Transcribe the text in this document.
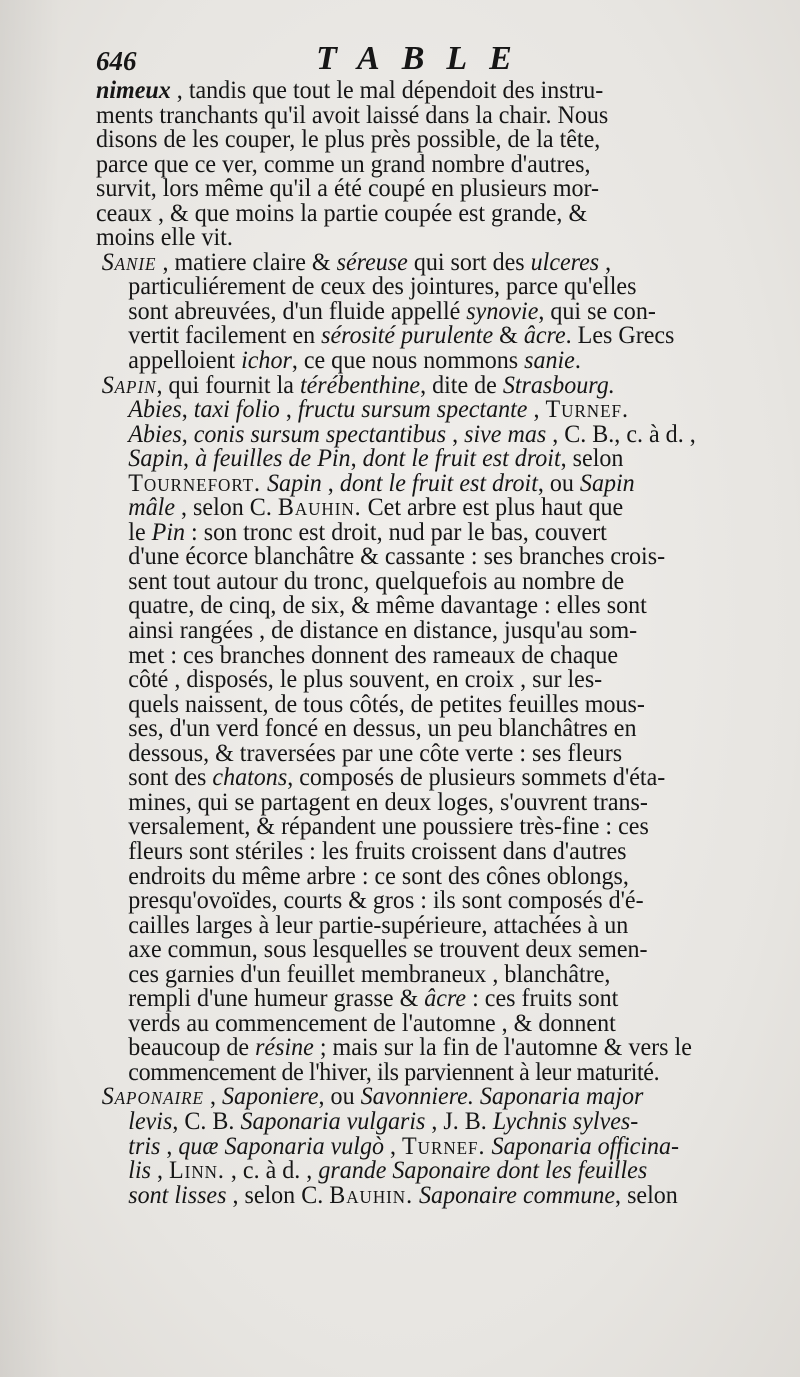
646	TABLE
nimeux , tandis que tout le mal dépendoit des instru-
ments tranchants qu'il avoit laissé dans la chair. Nous
disons de les couper, le plus près possible, de la tête,
parce que ce ver, comme un grand nombre d'autres,
survit, lors même qu'il a été coupé en plusieurs mor-
ceaux , & que moins la partie coupée est grande, &
moins elle vit.
Sanie , matiere claire & séreuse qui sort des ulceres ,
particuliérement de ceux des jointures, parce qu'elles
sont abreuvées, d'un fluide appellé synovie, qui se con-
vertit facilement en sérosité purulente & âcre. Les Grecs
appelloient ichor, ce que nous nommons sanie.
Sapin, qui fournit la térébenthine, dite de Strasbourg.
Abies, taxi folio , fructu sursum spectante , Turnef.
Abies, conis sursum spectantibus , sive mas , C. B., c. à d. ,
Sapin, à feuilles de Pin, dont le fruit est droit, selon
Tournefort. Sapin , dont le fruit est droit, ou Sapin
mâle , selon C. Bauhin. Cet arbre est plus haut que
le Pin : son tronc est droit, nud par le bas, couvert
d'une écorce blanchâtre & cassante : ses branches crois-
sent tout autour du tronc, quelquefois au nombre de
quatre, de cinq, de six, & même davantage : elles sont
ainsi rangées , de distance en distance, jusqu'au som-
met : ces branches donnent des rameaux de chaque
côté , disposés, le plus souvent, en croix , sur les-
quels naissent, de tous côtés, de petites feuilles mous-
ses, d'un verd foncé en dessus, un peu blanchâtres en
dessous, & traversées par une côte verte : ses fleurs
sont des chatons, composés de plusieurs sommets d'éta-
mines, qui se partagent en deux loges, s'ouvrent trans-
versalement, & répandent une poussiere très-fine : ces
fleurs sont stériles : les fruits croissent dans d'autres
endroits du même arbre : ce sont des cônes oblongs,
presqu'ovoïdes, courts & gros : ils sont composés d'é-
cailles larges à leur partie-supérieure, attachées à un
axe commun, sous lesquelles se trouvent deux semen-
ces garnies d'un feuillet membraneux , blanchâtre,
rempli d'une humeur grasse & âcre : ces fruits sont
verds au commencement de l'automne , & donnent
beaucoup de résine ; mais sur la fin de l'automne & vers le
commencement de l'hiver, ils parviennent à leur maturité.
Saponaire , Saponiere, ou Savonniere. Saponaria major
levis, C. B. Saponaria vulgaris , J. B. Lychnis sylves-
tris , quæ Saponaria vulgò , Turnef. Saponaria officina-
lis , Linn. , c. à d. , grande Saponaire dont les feuilles
sont lisses , selon C. Bauhin. Saponaire commune, selon
